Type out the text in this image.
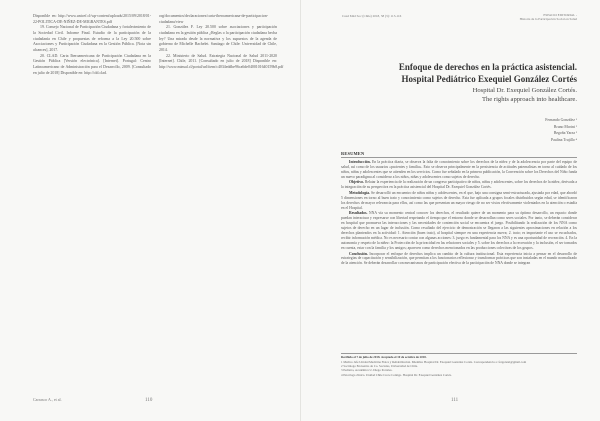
Disponible en: http://www.unicef.cl/wp-content/uploads/2015/09/2018/01-22-POLITICA-DE-NIÑEZ-DE-MIGRANTES.pdf
19. Consejo Nacional de Participación Ciudadana y fortalecimiento de la Sociedad Civil. Informe Final. Estudio de la participación de la ciudadanía en Chile y propuestas de reforma a la Ley 20.500 sobre Asociaciones y Participación Ciudadana en la Gestión Pública. [Nota sin alcances], 2017.
20. CLAD. Carta Iberoamericana de Participación Ciudadana en la Gestión Pública [Versión electrónica]. [Internet]. Portugal: Centro Latinoamericano de Administración para el Desarrollo, 2009. [Consultado en julio de 2018] Disponible en: http://old.clad.
org/documentos/declaraciones/carta-iberoamericana-de-participacion-ciudadana/view
21. González F. Ley 20.500 sobre asociaciones y participación ciudadana en la gestión pública ¿Reglas o la participación ciudadana hecha ley? Una mirada desde la normativa y los supuestos de la agenda de gobierno de Michelle Bachelet. Santiago de Chile: Universidad de Chile, 2014.
22. Ministerio de Salud. Estrategia Nacional de Salud 2011-2020 [Internet]. Chile, 2011. [Consultado en julio de 2018] Disponible en: http://www.minsal.cl/portal/url/item/c4034eddbe96ca6de0400101640159b8.pdf
Carrasco A., et al.	110
Cuad Méd Soc (Chile) 2018, 58 (3): 113-116	ESPACIO EDITORIAL -
Historia de la Participación Social en Salud
Enfoque de derechos en la práctica asistencial.
Hospital Pediátrico Exequiel González Cortés
Hospital Dr. Exequiel González Cortés.
The rights approach into healthcare.
Fernando González ¹
Bruno Morini ²
Begoña Yarza ³
Paulina Trujillo ⁴
RESUMEN

Introducción. En la práctica diaria, se observa la falta de conocimiento sobre los derechos de la niñez y de la adolescencia por parte del equipo de salud, así como de los usuarios «pacientes y familia». Esto se observa principalmente en la persistencia de actitudes paternalistas en torno al cuidado de los niños, niñas y adolescentes que se atienden en los servicios. Como fue señalado en la primera publicación, la Convención sobre los Derechos del Niño funda un nuevo paradigma al considerar a los niños, niñas y adolescentes como sujetos de derecho.

Objetivo. Relatar la experiencia de la realización de un congreso participativo de niños, niñas y adolescentes, sobre los derechos de la niñez, derivada a la integración de su perspectiva en la práctica asistencial del Hospital Dr. Exequiel González Cortés.

Metodología. Se desarrolló un encuentro de niños niñas y adolescentes, en el que, bajo una consigna semi-estructurada, ajustada por edad, que abordó 5 dimensiones en torno al buen trato y conocimiento como sujetos de derecho. Esta fue aplicada a grupos focales distribuidos según edad, se identificaron los derechos de mayor relevancia para ellos, así como las que presentan un mayor riesgo de no ser vistos efectivamente violentados en la atención o estadía en el Hospital.

Resultados. NNA vía su momento central conocer los derechos, el resultado quiere de un momento para su óptimo desarrollo, un espacio donde puedan interactuar y expresarse con libertad respetando el tiempo que el entorno donde se desarrollan como seres sociales. Por tanto, se deberán considerar en hospital que promueva las interacciones y las necesidades de contención social se encuentra el juego. Posibilitando la realización de los NNA como sujetos de derecho en un lugar de inclusión. Como resultado del ejercicio de demostración se llegaron a las siguientes aproximaciones en relación a los derechos planteados en la actividad: 1. Atención (buen trato), al hospital siempre en una experiencia nueva; 2. trato; es importante el uso se escuchados, recibir información médica. No es necesario contar con algunas acciones: 3. juego es fundamental para los NNA y es una oportunidad de recreación. 4. En la autonomía y respeto de la niñez: la Protección de la privacidad en las relaciones sociales y 5. sobre los derechos a la recreación y la inclusión, el ser tomados en cuenta, estar con la familia y los amigos; aparecen como derechos mencionados en las producciones colectivas de los grupos.

Conclusión. Incorporar el enfoque de derechos implica un cambio de la cultura institucional. Esta experiencia inicia a pensar en el desarrollo de estrategias de capacitación y sensibilización, que permitan a los funcionarios reflexionar y transformar prácticas que son instaladas en el mundo normalizado de la atención. Se deberán desarrollar con mecanismos de participación efectiva de la participación de NNA donde se integran

Recibido el 7 de julio de 2018. Aceptado el 10 de octubre de 2018.
1 Médico Jefe Unidad Medicina Física y Rehabilitación. Miembro Hospital Dr. Exequiel González Cortés. Correspondencia a: fergonzal@gmail.com
2 Sociólogo Encuentro de Co. Sociales, Universidad de Chile.
3 Pediatra, Académica U. Diego Portales.
4 Psicóloga clínica. Unidad Chile Crece Contigo. Hospital Dr. Exequiel González Cortés.
111
